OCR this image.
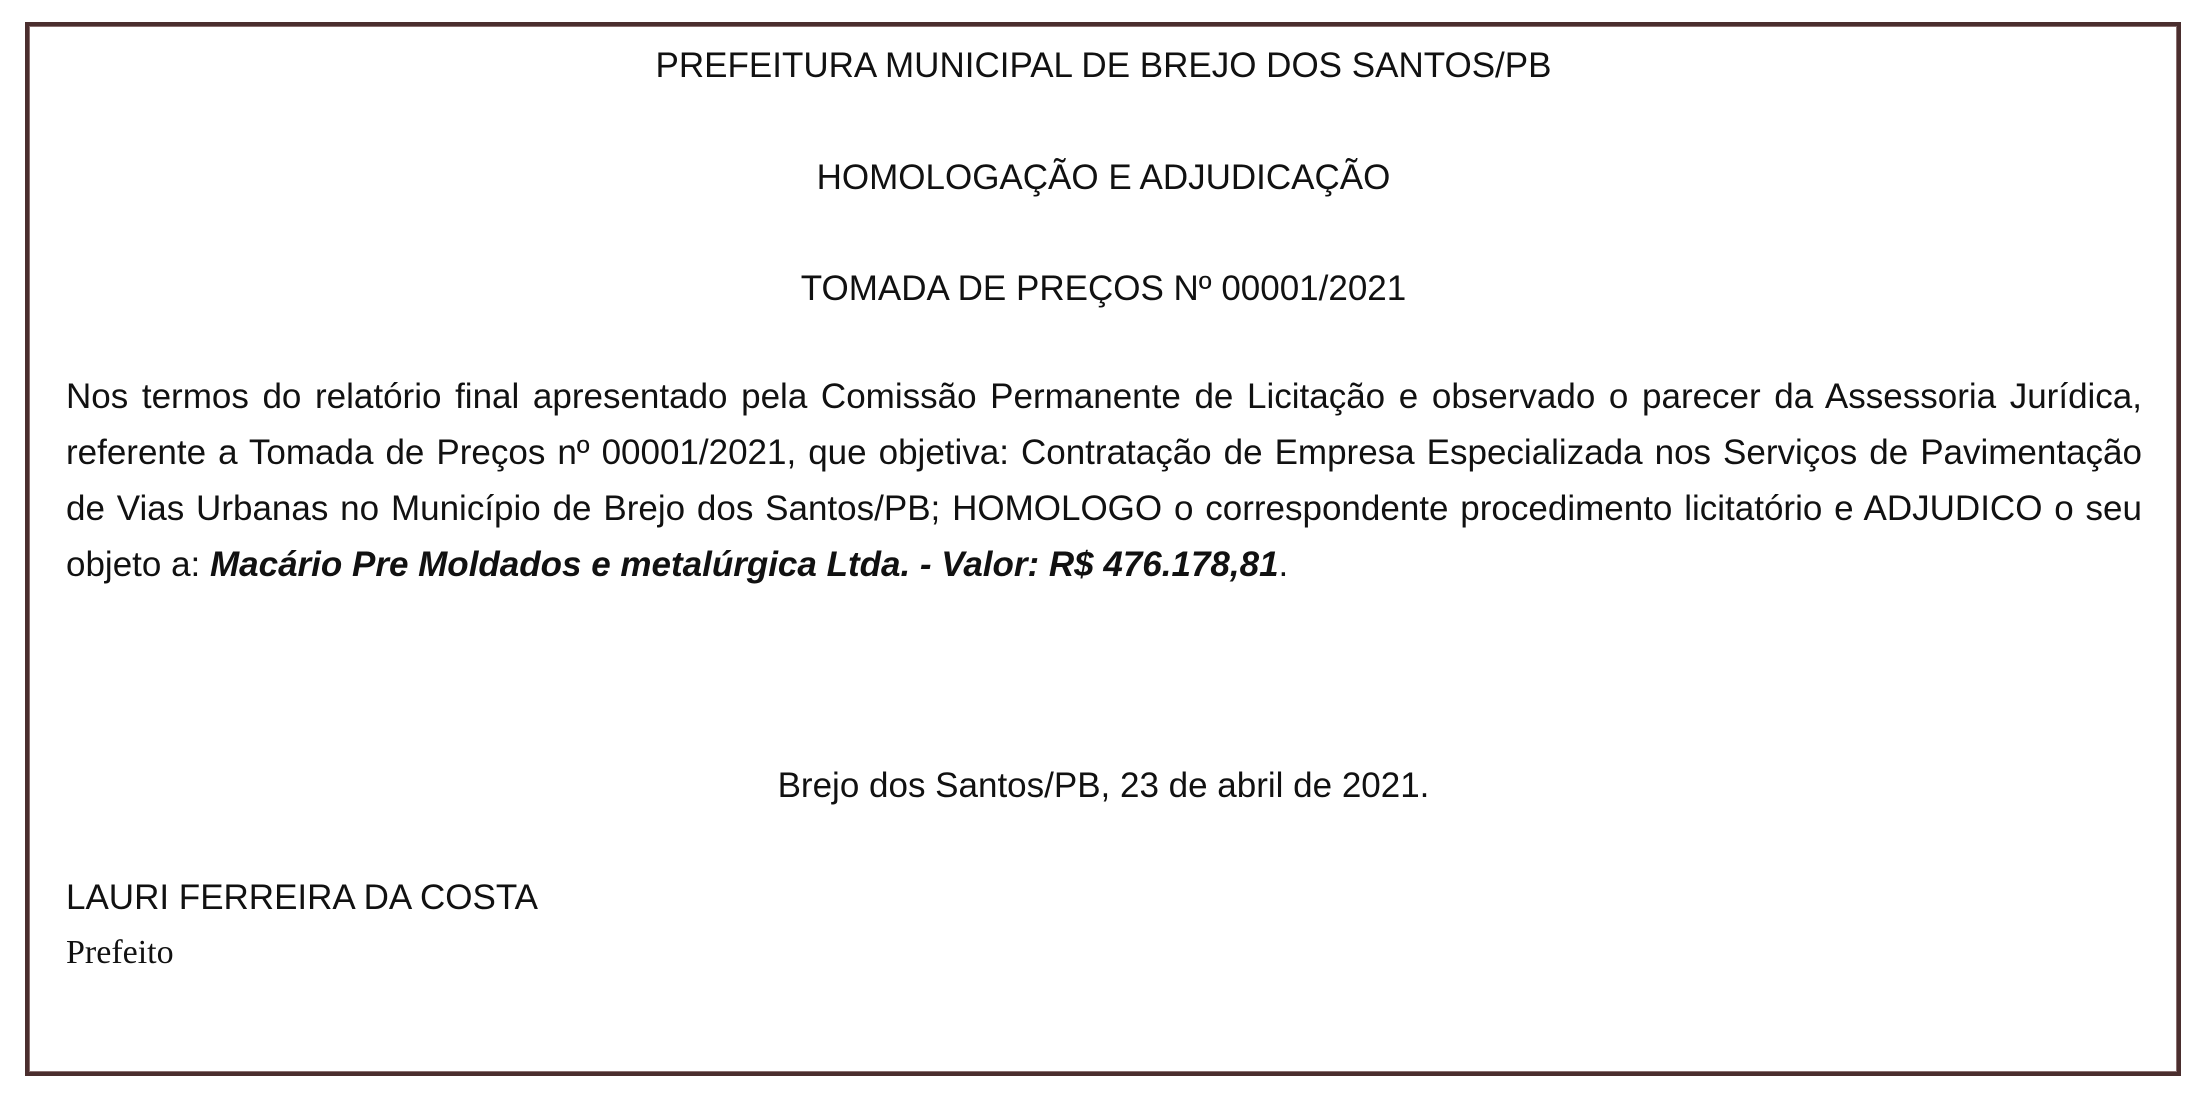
PREFEITURA MUNICIPAL DE BREJO DOS SANTOS/PB
HOMOLOGAÇÃO E ADJUDICAÇÃO
TOMADA DE PREÇOS Nº 00001/2021
Nos termos do relatório final apresentado pela Comissão Permanente de Licitação e observado o parecer da Assessoria Jurídica, referente a Tomada de Preços nº 00001/2021, que objetiva: Contratação de Empresa Especializada nos Serviços de Pavimentação de Vias Urbanas no Município de Brejo dos Santos/PB; HOMOLOGO o correspondente procedimento licitatório e ADJUDICO o seu objeto a: Macário Pre Moldados e metalúrgica Ltda. - Valor: R$ 476.178,81.
Brejo dos Santos/PB, 23 de abril de 2021.
LAURI FERREIRA DA COSTA
Prefeito
